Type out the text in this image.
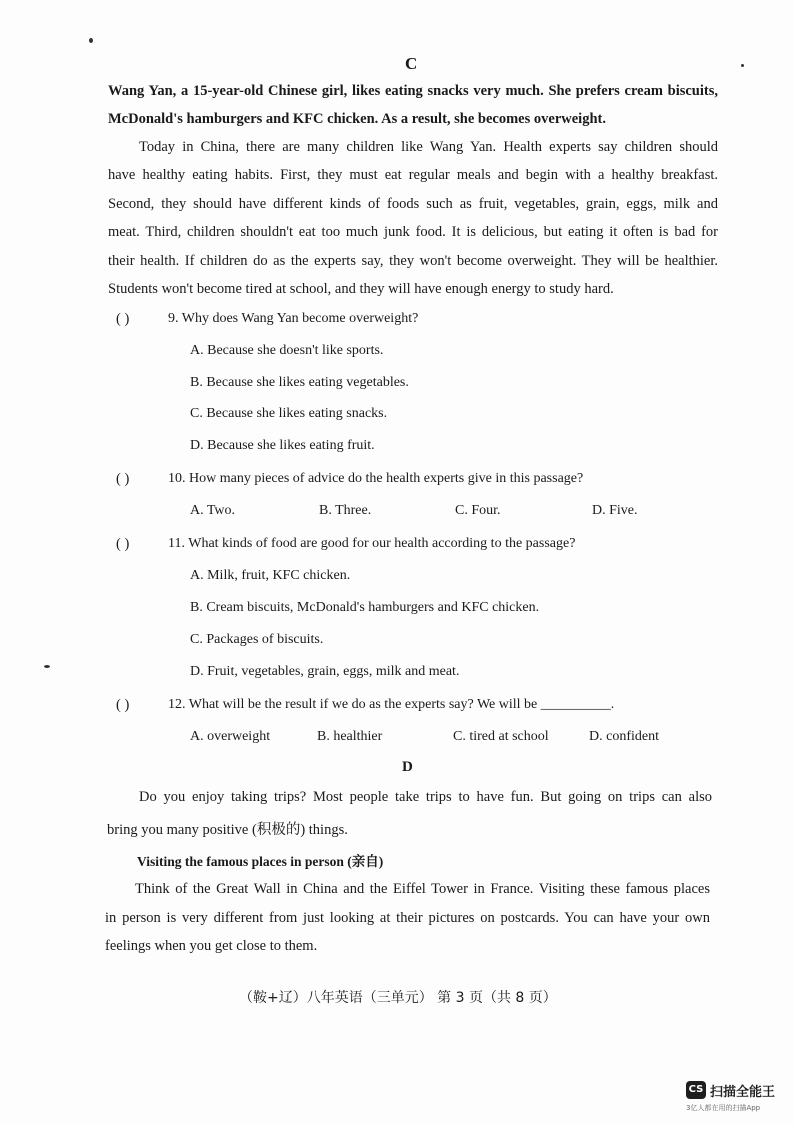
C
Wang Yan, a 15-year-old Chinese girl, likes eating snacks very much. She prefers cream biscuits,
McDonald's hamburgers and KFC chicken. As a result, she becomes overweight.
Today in China, there are many children like Wang Yan. Health experts say children should
have healthy eating habits. First, they must eat regular meals and begin with a healthy breakfast.
Second, they should have different kinds of foods such as fruit, vegetables, grain, eggs, milk and
meat. Third, children shouldn't eat too much junk food. It is delicious, but eating it often is bad for
their health. If children do as the experts say, they won't become overweight. They will be healthier.
Students won't become tired at school, and they will have enough energy to study hard.
( )	9. Why does Wang Yan become overweight?
A. Because she doesn't like sports.
B. Because she likes eating vegetables.
C. Because she likes eating snacks.
D. Because she likes eating fruit.
( )	10. How many pieces of advice do the health experts give in this passage?
A. Two.	B. Three.	C. Four.	D. Five.
( )	11. What kinds of food are good for our health according to the passage?
A. Milk, fruit, KFC chicken.
B. Cream biscuits, McDonald's hamburgers and KFC chicken.
C. Packages of biscuits.
D. Fruit, vegetables, grain, eggs, milk and meat.
( )	12. What will be the result if we do as the experts say? We will be __________.
A. overweight	B. healthier	C. tired at school	D. confident
D
Do you enjoy taking trips? Most people take trips to have fun. But going on trips can also
bring you many positive (积极的) things.
Visiting the famous places in person (亲自)
Think of the Great Wall in China and the Eiffel Tower in France. Visiting these famous places
in person is very different from just looking at their pictures on postcards. You can have your own
feelings when you get close to them.
（鞍+辽）八年英语（三单元） 第 3 页（共 8 页）
CS 扫描全能王
3亿人都在用的扫描App
